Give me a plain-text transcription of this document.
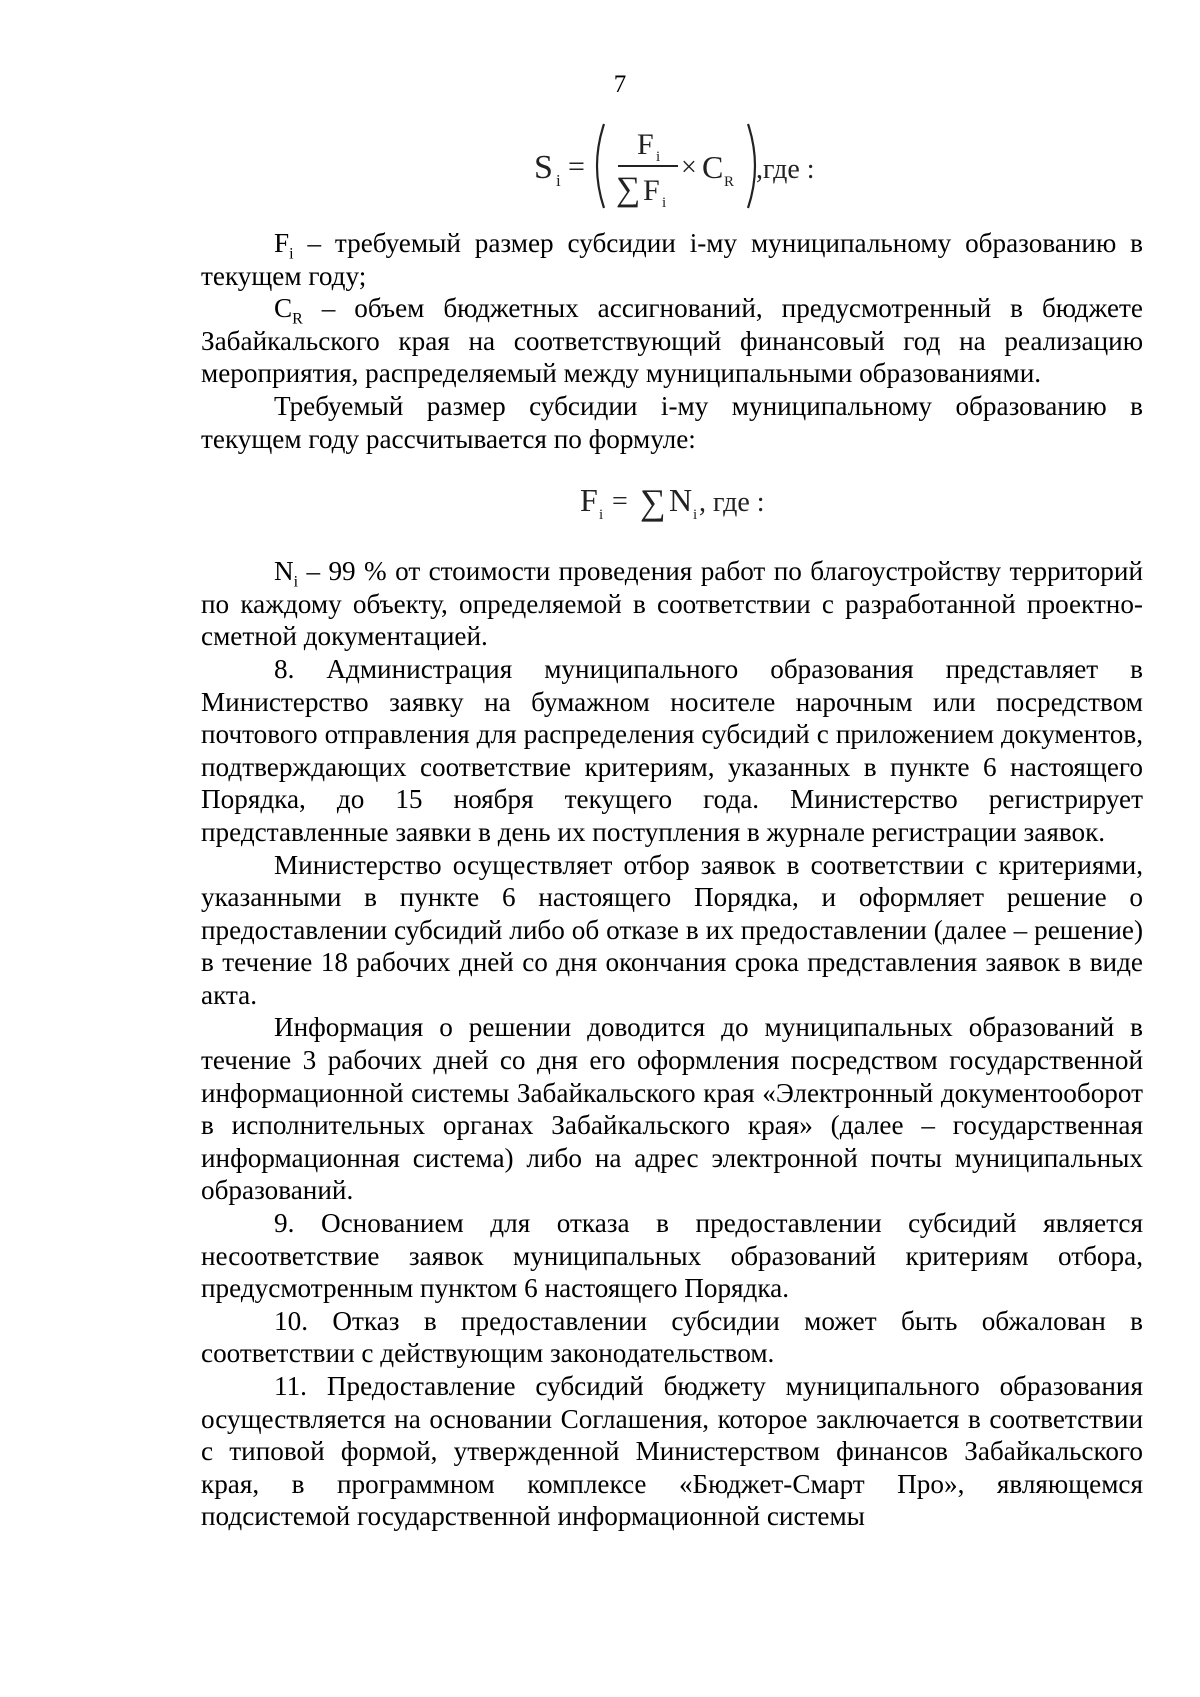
7
S i =
F i
∑ F i
× C R ,где :

$F_i$ – требуемый размер субсидии i-му муниципальному образованию в текущем году;

$C_R$ – объем бюджетных ассигнований, предусмотренный в бюджете Забайкальского края на соответствующий финансовый год на реализацию мероприятия, распределяемый между муниципальными образованиями.

Требуемый размер субсидии i-му муниципальному образованию в текущем году рассчитывается по формуле:

F i = ∑ N i , где :

$N_i - 99$ % от стоимости проведения работ по благоустройству территорий по каждому объекту, определяемой в соответствии с разработанной проектно-сметной документацией.

8. Администрация муниципального образования представляет в Министерство заявку на бумажном носителе нарочным или посредством почтового отправления для распределения субсидий с приложением документов, подтверждающих соответствие критериям, указанных в пункте 6 настоящего Порядка, до 15 ноября текущего года. Министерство регистрирует представленные заявки в день их поступления в журнале регистрации заявок.

Министерство осуществляет отбор заявок в соответствии с критериями, указанными в пункте 6 настоящего Порядка, и оформляет решение о предоставлении субсидий либо об отказе в их предоставлении (далее – решение) в течение 18 рабочих дней со дня окончания срока представления заявок в виде акта.

Информация о решении доводится до муниципальных образований в течение 3 рабочих дней со дня его оформления посредством государственной информационной системы Забайкальского края «Электронный документооборот в исполнительных органах Забайкальского края» (далее – государственная информационная система) либо на адрес электронной почты муниципальных образований.

9. Основанием для отказа в предоставлении субсидий является несоответствие заявок муниципальных образований критериям отбора, предусмотренным пунктом 6 настоящего Порядка.

10. Отказ в предоставлении субсидии может быть обжалован в соответствии с действующим законодательством.

11. Предоставление субсидий бюджету муниципального образования осуществляется на основании Соглашения, которое заключается в соответствии с типовой формой, утвержденной Министерством финансов Забайкальского края, в программном комплексе «Бюджет-Смарт Про», являющемся подсистемой государственной информационной системы
